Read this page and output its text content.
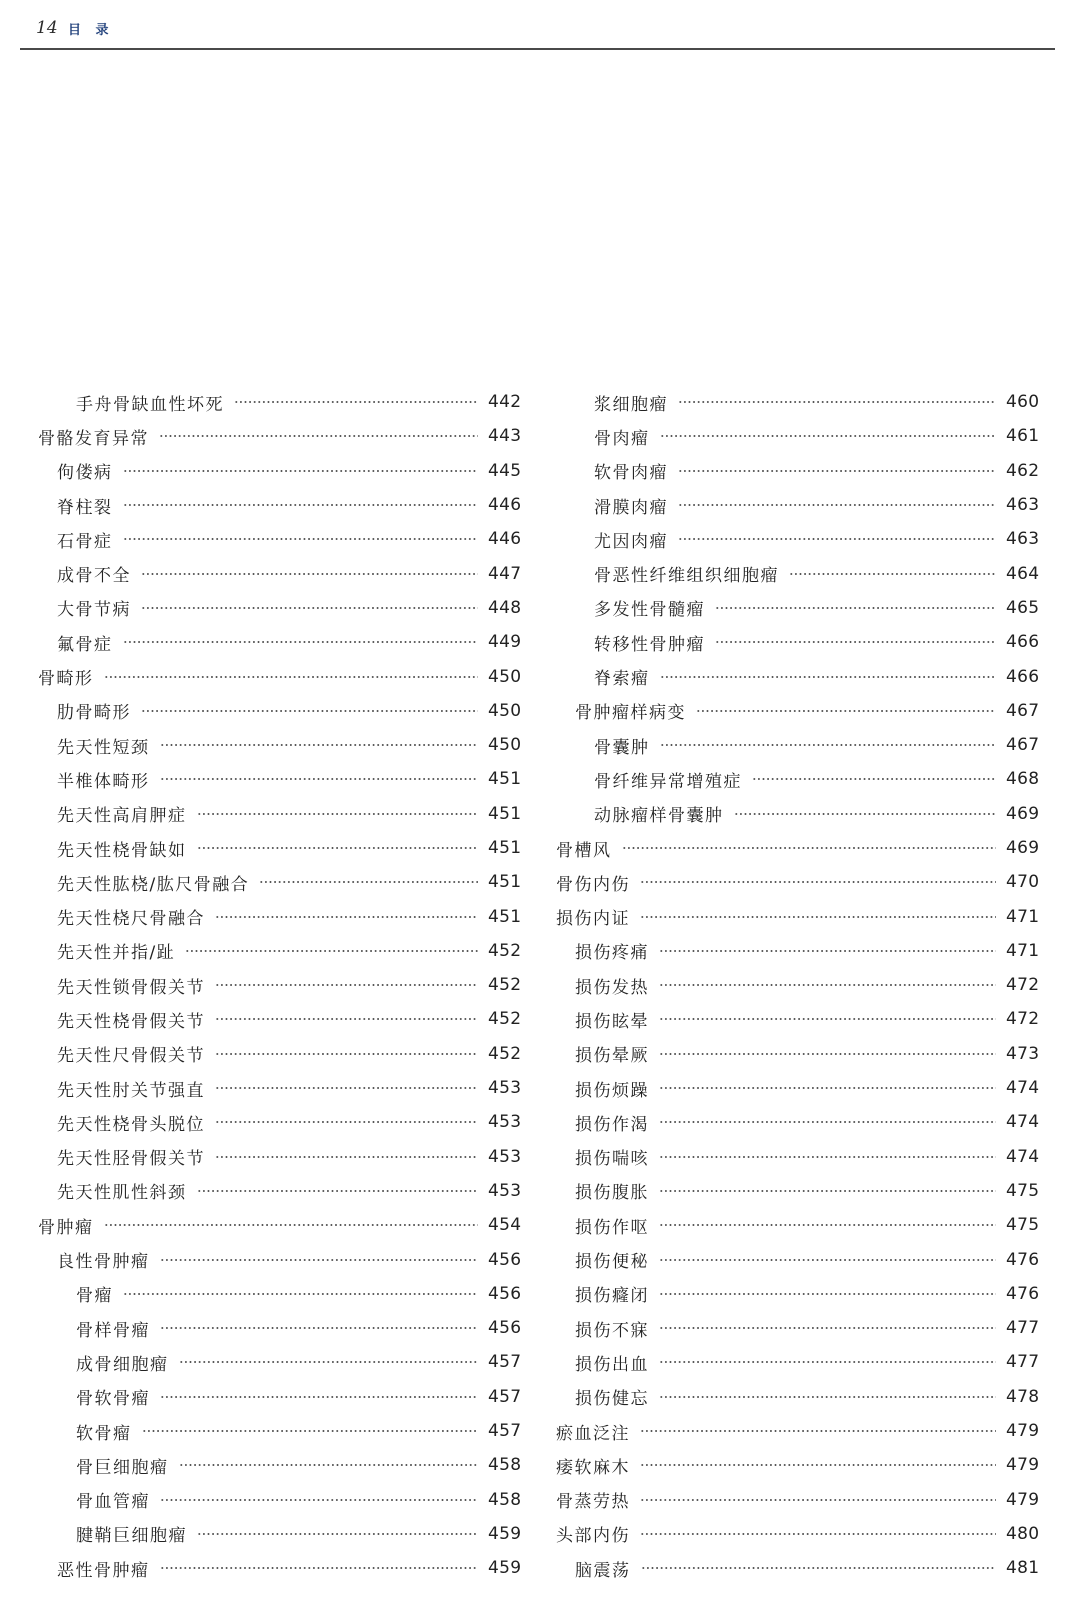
14 目 录
手舟骨缺血性坏死	442
骨骼发育异常	443
佝偻病	445
脊柱裂	446
石骨症	446
成骨不全	447
大骨节病	448
氟骨症	449
骨畸形	450
肋骨畸形	450
先天性短颈	450
半椎体畸形	451
先天性高肩胛症	451
先天性桡骨缺如	451
先天性肱桡/肱尺骨融合	451
先天性桡尺骨融合	451
先天性并指/趾	452
先天性锁骨假关节	452
先天性桡骨假关节	452
先天性尺骨假关节	452
先天性肘关节强直	453
先天性桡骨头脱位	453
先天性胫骨假关节	453
先天性肌性斜颈	453
骨肿瘤	454
良性骨肿瘤	456
骨瘤	456
骨样骨瘤	456
成骨细胞瘤	457
骨软骨瘤	457
软骨瘤	457
骨巨细胞瘤	458
骨血管瘤	458
腱鞘巨细胞瘤	459
恶性骨肿瘤	459
浆细胞瘤	460
骨肉瘤	461
软骨肉瘤	462
滑膜肉瘤	463
尤因肉瘤	463
骨恶性纤维组织细胞瘤	464
多发性骨髓瘤	465
转移性骨肿瘤	466
脊索瘤	466
骨肿瘤样病变	467
骨囊肿	467
骨纤维异常增殖症	468
动脉瘤样骨囊肿	469
骨槽风	469
骨伤内伤	470
损伤内证	471
损伤疼痛	471
损伤发热	472
损伤眩晕	472
损伤晕厥	473
损伤烦躁	474
损伤作渴	474
损伤喘咳	474
损伤腹胀	475
损伤作呕	475
损伤便秘	476
损伤癃闭	476
损伤不寐	477
损伤出血	477
损伤健忘	478
瘀血泛注	479
痿软麻木	479
骨蒸劳热	479
头部内伤	480
脑震荡	481
